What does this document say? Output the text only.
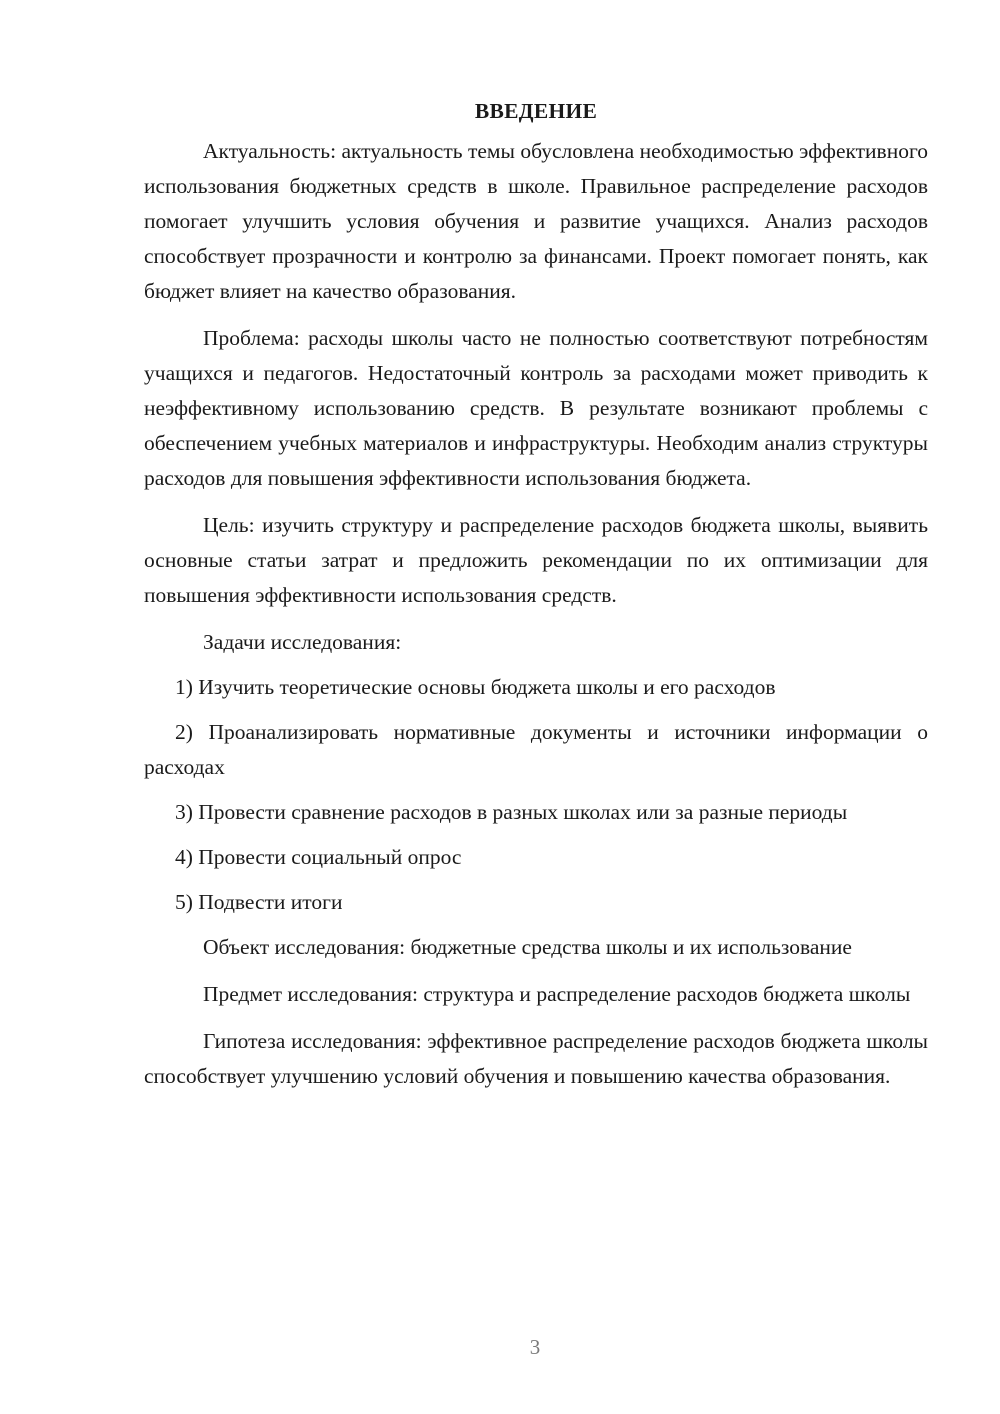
ВВЕДЕНИЕ

Актуальность: актуальность темы обусловлена необходимостью эффективного использования бюджетных средств в школе. Правильное распределение расходов помогает улучшить условия обучения и развитие учащихся. Анализ расходов способствует прозрачности и контролю за финансами. Проект помогает понять, как бюджет влияет на качество образования.

Проблема: расходы школы часто не полностью соответствуют потребностям учащихся и педагогов. Недостаточный контроль за расходами может приводить к неэффективному использованию средств. В результате возникают проблемы с обеспечением учебных материалов и инфраструктуры. Необходим анализ структуры расходов для повышения эффективности использования бюджета.

Цель: изучить структуру и распределение расходов бюджета школы, выявить основные статьи затрат и предложить рекомендации по их оптимизации для повышения эффективности использования средств.

Задачи исследования:

1) Изучить теоретические основы бюджета школы и его расходов

2) Проанализировать нормативные документы и источники информации о расходах

3) Провести сравнение расходов в разных школах или за разные периоды

4) Провести социальный опрос

5) Подвести итоги

Объект исследования: бюджетные средства школы и их использование

Предмет исследования: структура и распределение расходов бюджета школы

Гипотеза исследования: эффективное распределение расходов бюджета школы способствует улучшению условий обучения и повышению качества образования.

3
